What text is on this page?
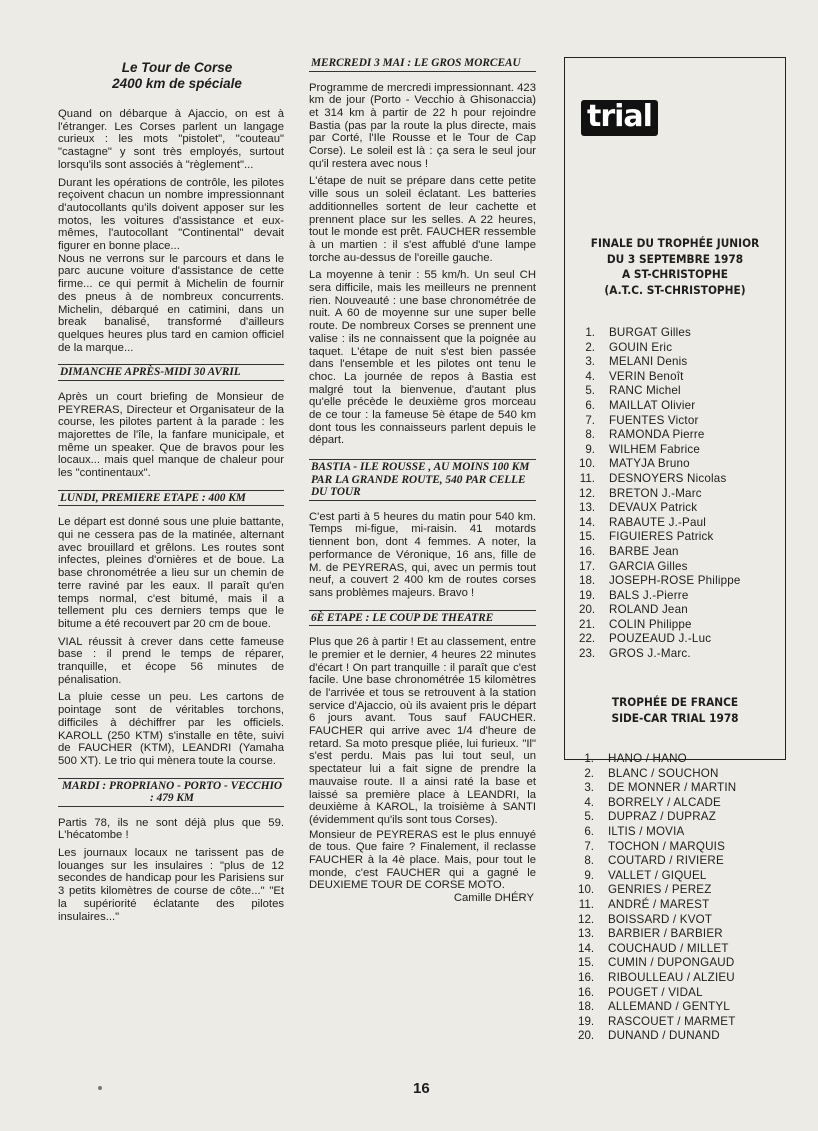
Le Tour de Corse
2400 km de spéciale

Quand on débarque à Ajaccio, on est à l'étranger. Les Corses parlent un langage curieux : les mots "pistolet", "couteau" "castagne" y sont très employés, surtout lorsqu'ils sont associés à "règlement"...

Durant les opérations de contrôle, les pilotes reçoivent chacun un nombre impressionnant d'autocollants qu'ils doivent apposer sur les motos, les voitures d'assistance et eux-mêmes, l'autocollant "Continental" devait figurer en bonne place...

Nous ne verrons sur le parcours et dans le parc aucune voiture d'assistance de cette firme... ce qui permit à Michelin de fournir des pneus à de nombreux concurrents. Michelin, débarqué en catimini, dans un break banalisé, transformé d'ailleurs quelques heures plus tard en camion officiel de la marque...

DIMANCHE APRÈS-MIDI 30 AVRIL

Après un court briefing de Monsieur de PEYRERAS, Directeur et Organisateur de la course, les pilotes partent à la parade : les majorettes de l'île, la fanfare municipale, et même un speaker. Que de bravos pour les locaux... mais quel manque de chaleur pour les "continentaux".

LUNDI, PREMIERE ETAPE : 400 KM

Le départ est donné sous une pluie battante, qui ne cessera pas de la matinée, alternant avec brouillard et grêlons. Les routes sont infectes, pleines d'ornières et de boue. La base chronométrée a lieu sur un chemin de terre raviné par les eaux. Il paraît qu'en temps normal, c'est bitumé, mais il a tellement plu ces derniers temps que le bitume a été recouvert par 20 cm de boue.

VIAL réussit à crever dans cette fameuse base : il prend le temps de réparer, tranquille, et écope 56 minutes de pénalisation.

La pluie cesse un peu. Les cartons de pointage sont de véritables torchons, difficiles à déchiffrer par les officiels. KAROLL (250 KTM) s'installe en tête, suivi de FAUCHER (KTM), LEANDRI (Yamaha 500 XT). Le trio qui mènera toute la course.

MARDI : PROPRIANO - PORTO - VECCHIO : 479 KM

Partis 78, ils ne sont déjà plus que 59. L'hécatombe !

Les journaux locaux ne tarissent pas de louanges sur les insulaires : "plus de 12 secondes de handicap pour les Parisiens sur 3 petits kilomètres de course de côte..." "Et la supériorité éclatante des pilotes insulaires..."

MERCREDI 3 MAI : LE GROS MORCEAU

Programme de mercredi impressionnant. 423 km de jour (Porto - Vecchio à Ghisonaccia) et 314 km à partir de 22 h pour rejoindre Bastia (pas par la route la plus directe, mais par Corté, l'Ile Rousse et le Tour de Cap Corse). Le soleil est là : ça sera le seul jour qu'il restera avec nous !

L'étape de nuit se prépare dans cette petite ville sous un soleil éclatant. Les batteries additionnelles sortent de leur cachette et prennent place sur les selles. A 22 heures, tout le monde est prêt. FAUCHER ressemble à un martien : il s'est affublé d'une lampe torche au-dessus de l'oreille gauche.

La moyenne à tenir : 55 km/h. Un seul CH sera difficile, mais les meilleurs ne prennent rien. Nouveauté : une base chronométrée de nuit. A 60 de moyenne sur une super belle route. De nombreux Corses se prennent une valise : ils ne connaissent que la poignée au taquet. L'étape de nuit s'est bien passée dans l'ensemble et les pilotes ont tenu le choc. La journée de repos à Bastia est malgré tout la bienvenue, d'autant plus qu'elle précède le deuxième gros morceau de ce tour : la fameuse 5è étape de 540 km dont tous les connaisseurs parlent depuis le départ.

BASTIA - ILE ROUSSE , AU MOINS 100 KM PAR LA GRANDE ROUTE, 540 PAR CELLE DU TOUR

C'est parti à 5 heures du matin pour 540 km. Temps mi-figue, mi-raisin. 41 motards tiennent bon, dont 4 femmes. A noter, la performance de Véronique, 16 ans, fille de M. de PEYRERAS, qui, avec un permis tout neuf, a couvert 2 400 km de routes corses sans problèmes majeurs. Bravo !

6È ETAPE : LE COUP DE THEATRE

Plus que 26 à partir ! Et au classement, entre le premier et le dernier, 4 heures 22 minutes d'écart ! On part tranquille : il paraît que c'est facile. Une base chronométrée 15 kilomètres de l'arrivée et tous se retrouvent à la station service d'Ajaccio, où ils avaient pris le départ 6 jours avant. Tous sauf FAUCHER. FAUCHER qui arrive avec 1/4 d'heure de retard. Sa moto presque pliée, lui furieux. "Il" s'est perdu. Mais pas lui tout seul, un spectateur lui a fait signe de prendre la mauvaise route. Il a ainsi raté la base et laissé sa première place à LEANDRI, la deuxième à KAROL, la troisième à SANTI (évidemment qu'ils sont tous Corses).

Monsieur de PEYRERAS est le plus ennuyé de tous. Que faire ? Finalement, il reclasse FAUCHER à la 4è place. Mais, pour tout le monde, c'est FAUCHER qui a gagné le DEUXIEME TOUR DE CORSE MOTO.

Camille DHÉRY
trial
FINALE DU TROPHÉE JUNIOR
DU 3 SEPTEMBRE 1978
A ST-CHRISTOPHE
(A.T.C. ST-CHRISTOPHE)
1.	BURGAT Gilles
2.	GOUIN Eric
3.	MELANI Denis
4.	VERIN Benoît
5.	RANC Michel
6.	MAILLAT Olivier
7.	FUENTES Victor
8.	RAMONDA Pierre
9.	WILHEM Fabrice
10.	MATYJA Bruno
11.	DESNOYERS Nicolas
12.	BRETON J.-Marc
13.	DEVAUX Patrick
14.	RABAUTE J.-Paul
15.	FIGUIERES Patrick
16.	BARBE Jean
17.	GARCIA Gilles
18.	JOSEPH-ROSE Philippe
19.	BALS J.-Pierre
20.	ROLAND Jean
21.	COLIN Philippe
22.	POUZEAUD J.-Luc
23.	GROS J.-Marc.
TROPHÉE DE FRANCE
SIDE-CAR TRIAL 1978
1.	HANO / HANO
2.	BLANC / SOUCHON
3.	DE MONNER / MARTIN
4.	BORRELY / ALCADE
5.	DUPRAZ / DUPRAZ
6.	ILTIS / MOVIA
7.	TOCHON / MARQUIS
8.	COUTARD / RIVIERE
9.	VALLET / GIQUEL
10.	GENRIES / PEREZ
11.	ANDRÉ / MAREST
12.	BOISSARD / KVOT
13.	BARBIER / BARBIER
14.	COUCHAUD / MILLET
15.	CUMIN / DUPONGAUD
16.	RIBOULLEAU / ALZIEU
16.	POUGET / VIDAL
18.	ALLEMAND / GENTYL
19.	RASCOUET / MARMET
20.	DUNAND / DUNAND
16
